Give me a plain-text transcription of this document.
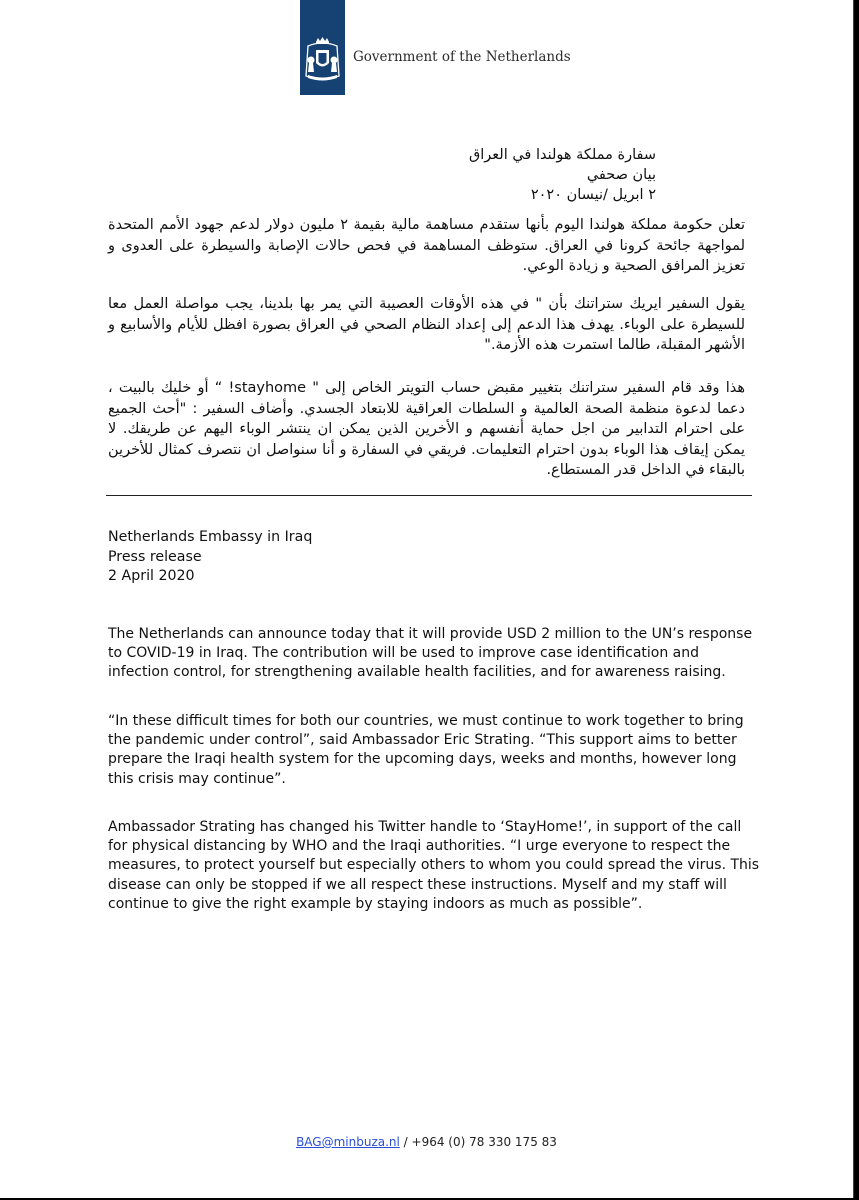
Government of the Netherlands
سفارة مملكة هولندا في العراق
بيان صحفي
٢ ابريل /نيسان ٢٠٢٠
تعلن حكومة مملكة هولندا اليوم بأنها ستقدم مساهمة مالية بقيمة ٢ مليون دولار لدعم جهود الأمم المتحدة لمواجهة جائحة كرونا في العراق. ستوظف المساهمة في فحص حالات الإصابة والسيطرة على العدوى و تعزيز المرافق الصحية و زيادة الوعي.
يقول السفير ايريك ستراتنك بأن " في هذه الأوقات العصيبة التي يمر بها بلدينا، يجب مواصلة العمل معا للسيطرة على الوباء. يهدف هذا الدعم إلى إعداد النظام الصحي في العراق بصورة افظل للأيام والأسابيع و الأشهر المقبلة، طالما استمرت هذه الأزمة."
هذا وقد قام السفير ستراتنك بتغيير مقبض حساب التويتر الخاص إلى " stayhome! “ أو خليك بالبيت ، دعما لدعوة منظمة الصحة العالمية و السلطات العراقية للابتعاد الجسدي. وأضاف السفير : "أحث الجميع على احترام التدابير من اجل حماية أنفسهم و الأخرين الذين يمكن ان ينتشر الوباء اليهم عن طريقك. لا يمكن إيقاف هذا الوباء بدون احترام التعليمات. فريقي في السفارة و أنا سنواصل ان نتصرف كمثال للأخرين بالبقاء في الداخل قدر المستطاع.
Netherlands Embassy in Iraq
Press release
2 April 2020
The Netherlands can announce today that it will provide USD 2 million to the UN’s response to COVID-19 in Iraq. The contribution will be used to improve case identification and infection control, for strengthening available health facilities, and for awareness raising.
“In these difficult times for both our countries, we must continue to work together to bring the pandemic under control”, said Ambassador Eric Strating. “This support aims to better prepare the Iraqi health system for the upcoming days, weeks and months, however long this crisis may continue”.
Ambassador Strating has changed his Twitter handle to ‘StayHome!’, in support of the call for physical distancing by WHO and the Iraqi authorities. “I urge everyone to respect the measures, to protect yourself but especially others to whom you could spread the virus. This disease can only be stopped if we all respect these instructions. Myself and my staff will continue to give the right example by staying indoors as much as possible”.
BAG@minbuza.nl / +964 (0) 78 330 175 83
